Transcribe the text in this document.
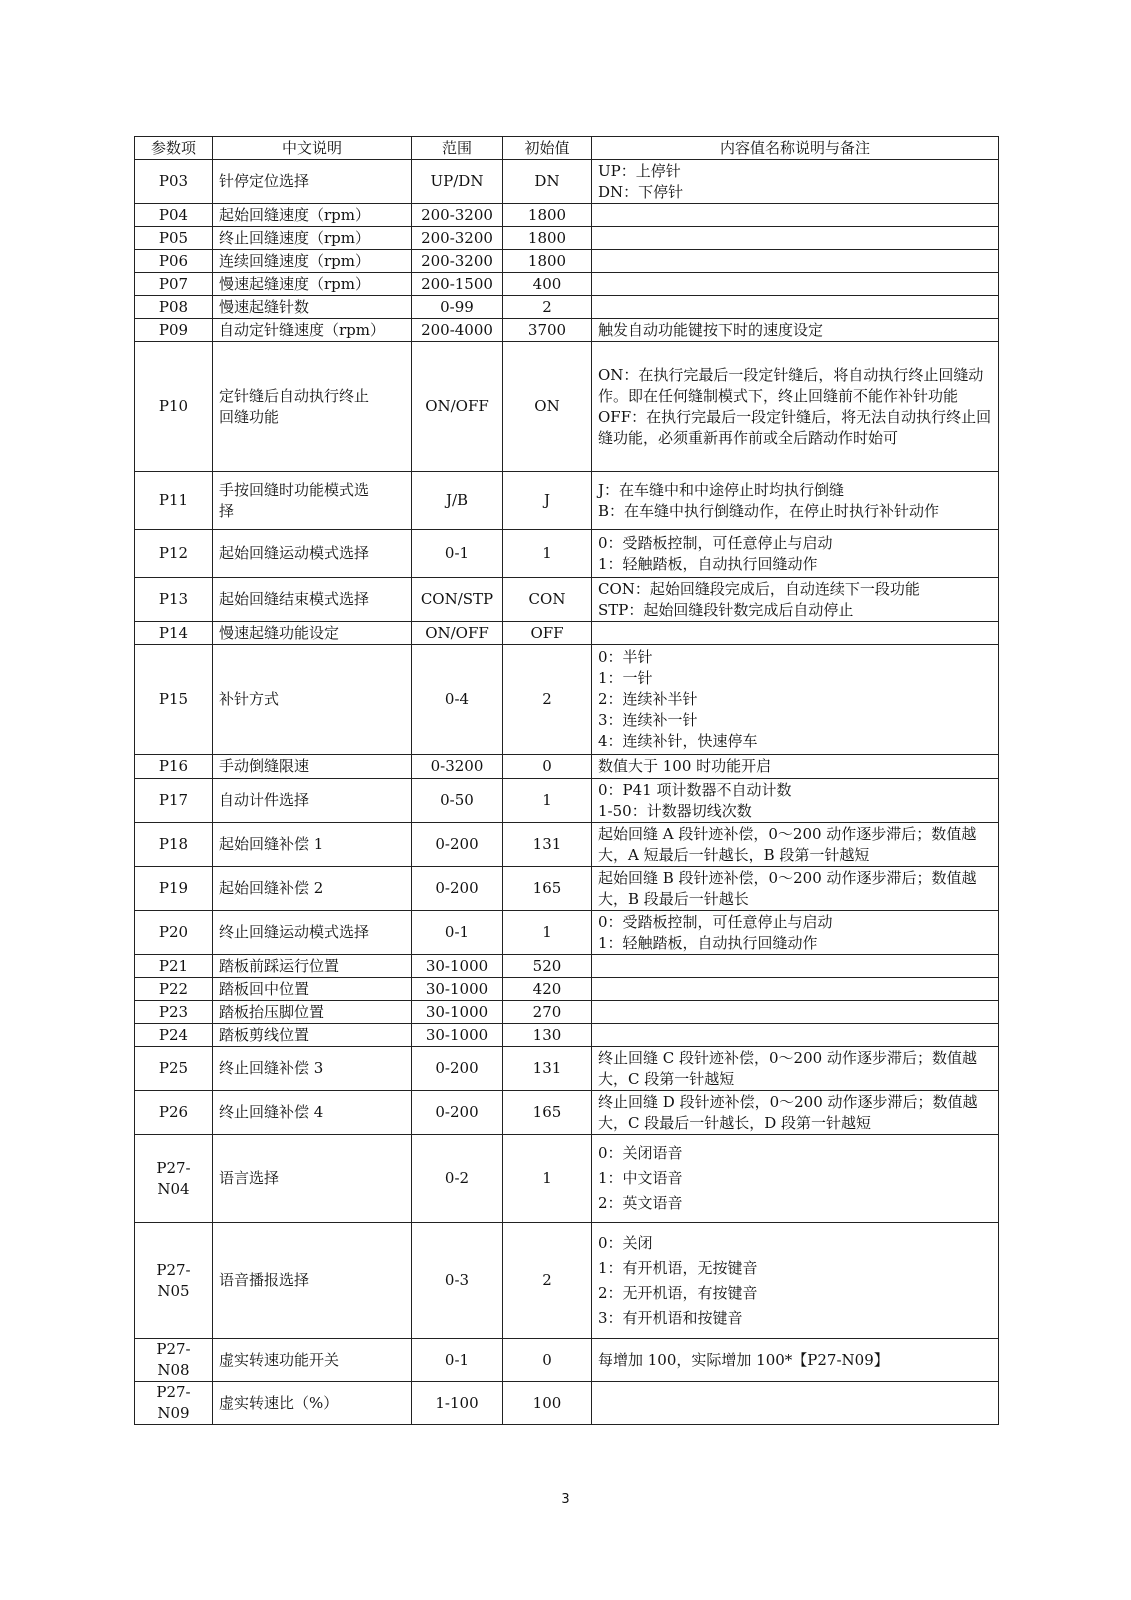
参数项	中文说明	范围	初始值	内容值名称说明与备注
P03	针停定位选择	UP/DN	DN	UP：上停针
DN：下停针

P04	起始回缝速度（rpm）	200-3200	1800	
P05	终止回缝速度（rpm）	200-3200	1800	
P06	连续回缝速度（rpm）	200-3200	1800	
P07	慢速起缝速度（rpm）	200-1500	400	
P08	慢速起缝针数	0-99	2	
P09	自动定针缝速度（rpm）	200-4000	3700	触发自动功能键按下时的速度设定

P10	定针缝后自动执行终止
回缝功能	ON/OFF	ON	ON：在执行完最后一段定针缝后，将自动执行终止回缝动作。即在任何缝制模式下，终止回缝前不能作补针功能
OFF：在执行完最后一段定针缝后，将无法自动执行终止回缝功能，必须重新再作前或全后踏动作时始可

P11	手按回缝时功能模式选
择	J/B	J	J：在车缝中和中途停止时均执行倒缝
B：在车缝中执行倒缝动作，在停止时执行补针动作

P12	起始回缝运动模式选择	0-1	1	0：受踏板控制，可任意停止与启动
1：轻触踏板，自动执行回缝动作

P13	起始回缝结束模式选择	CON/STP	CON	CON：起始回缝段完成后，自动连续下一段功能
STP：起始回缝段针数完成后自动停止

P14	慢速起缝功能设定	ON/OFF	OFF	
P15	补针方式	0-4	2	0：半针
1：一针
2：连续补半针
3：连续补一针
4：连续补针，快速停车

P16	手动倒缝限速	0-3200	0	数值大于 100 时功能开启

P17	自动计件选择	0-50	1	0：P41 项计数器不自动计数
1-50：计数器切线次数

P18	起始回缝补偿 1	0-200	131	起始回缝 A 段针迹补偿，0～200 动作逐步滞后；数值越大，A 短最后一针越长，B 段第一针越短

P19	起始回缝补偿 2	0-200	165	起始回缝 B 段针迹补偿，0～200 动作逐步滞后；数值越大，B 段最后一针越长

P20	终止回缝运动模式选择	0-1	1	0：受踏板控制，可任意停止与启动
1：轻触踏板，自动执行回缝动作

P21	踏板前踩运行位置	30-1000	520	
P22	踏板回中位置	30-1000	420	
P23	踏板抬压脚位置	30-1000	270	
P24	踏板剪线位置	30-1000	130	
P25	终止回缝补偿 3	0-200	131	终止回缝 C 段针迹补偿，0～200 动作逐步滞后；数值越大，C 段第一针越短

P26	终止回缝补偿 4	0-200	165	终止回缝 D 段针迹补偿，0～200 动作逐步滞后；数值越大，C 段最后一针越长，D 段第一针越短

P27-N04	语言选择	0-2	1	0：关闭语音
1：中文语音
2：英文语音

P27-N05	语音播报选择	0-3	2	0：关闭
1：有开机语，无按键音
2：无开机语，有按键音
3：有开机语和按键音

P27-N08	虚实转速功能开关	0-1	0	每增加 100，实际增加 100*【P27-N09】

P27-N09	虚实转速比（%）	1-100	100	
3
